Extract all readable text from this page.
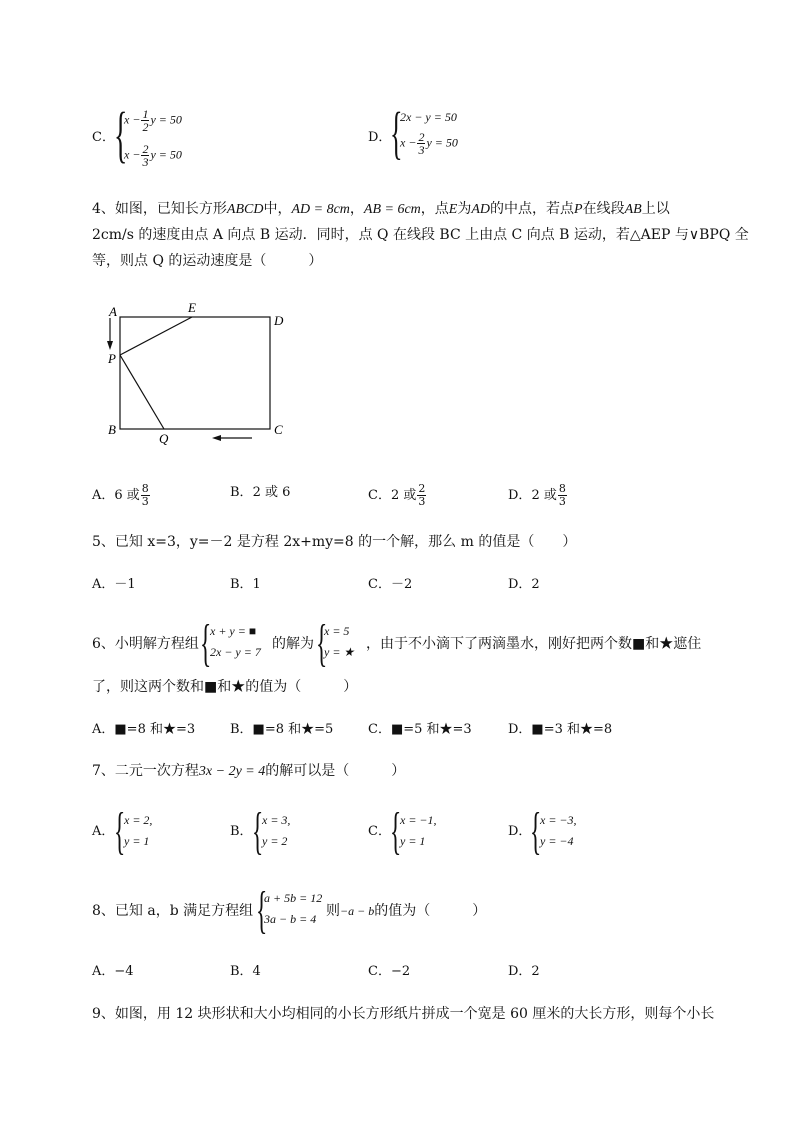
C． {
$x - \frac{1}{2}$ y = 50
$x - \frac{2}{3}$ y = 50
D．
{
2x − y = 50
$x - \frac{2}{3}$ y = 50
4、如图，已知长方形ABCD中，AD = 8cm，AB = 6cm，点E为AD的中点，若点P在线段AB上以
2cm/s 的速度由点 A 向点 B 运动．同时，点 Q 在线段 BC 上由点 C 向点 B 运动，若△AEP 与∨BPQ 全
等，则点 Q 的运动速度是（　　　）
A	E
D
P
B
Q
C
A．6 或 $\frac{8}{3}$	B．2 或 6	C．2 或 $\frac{2}{3}$	D．2 或 $\frac{8}{3}$
5、已知 x=3，y=－2 是方程 2x+my=8 的一个解，那么 m 的值是（　　）
A．－1	B．1	C．－2	D．2
6、小明解方程组 {
x + y = ■
2x − y = 7 的解为 {
x = 5
y = ★ ，由于不小滴下了两滴墨水，刚好把两个数■和★遮住
了，则这两个数和■和★的值为（　　　）
A．■=8 和★=3	B．■=8 和★=5	C．■=5 和★=3	D．■=3 和★=8
7、二元一次方程3x − 2y = 4的解可以是（　　　）
A． {
x = 2,
y = 1
B． {
x = 3,
y = 2
C． {
x = −1,
y = 1
D．
{
x = −3,
y = −4
8、已知 a，b 满足方程组 {
a + 5b = 12
3a − b = 4 则−a − b的值为（　　　）
A．−4	B．4	C．−2	D．2
9、如图，用 12 块形状和大小均相同的小长方形纸片拼成一个宽是 60 厘米的大长方形，则每个小长
